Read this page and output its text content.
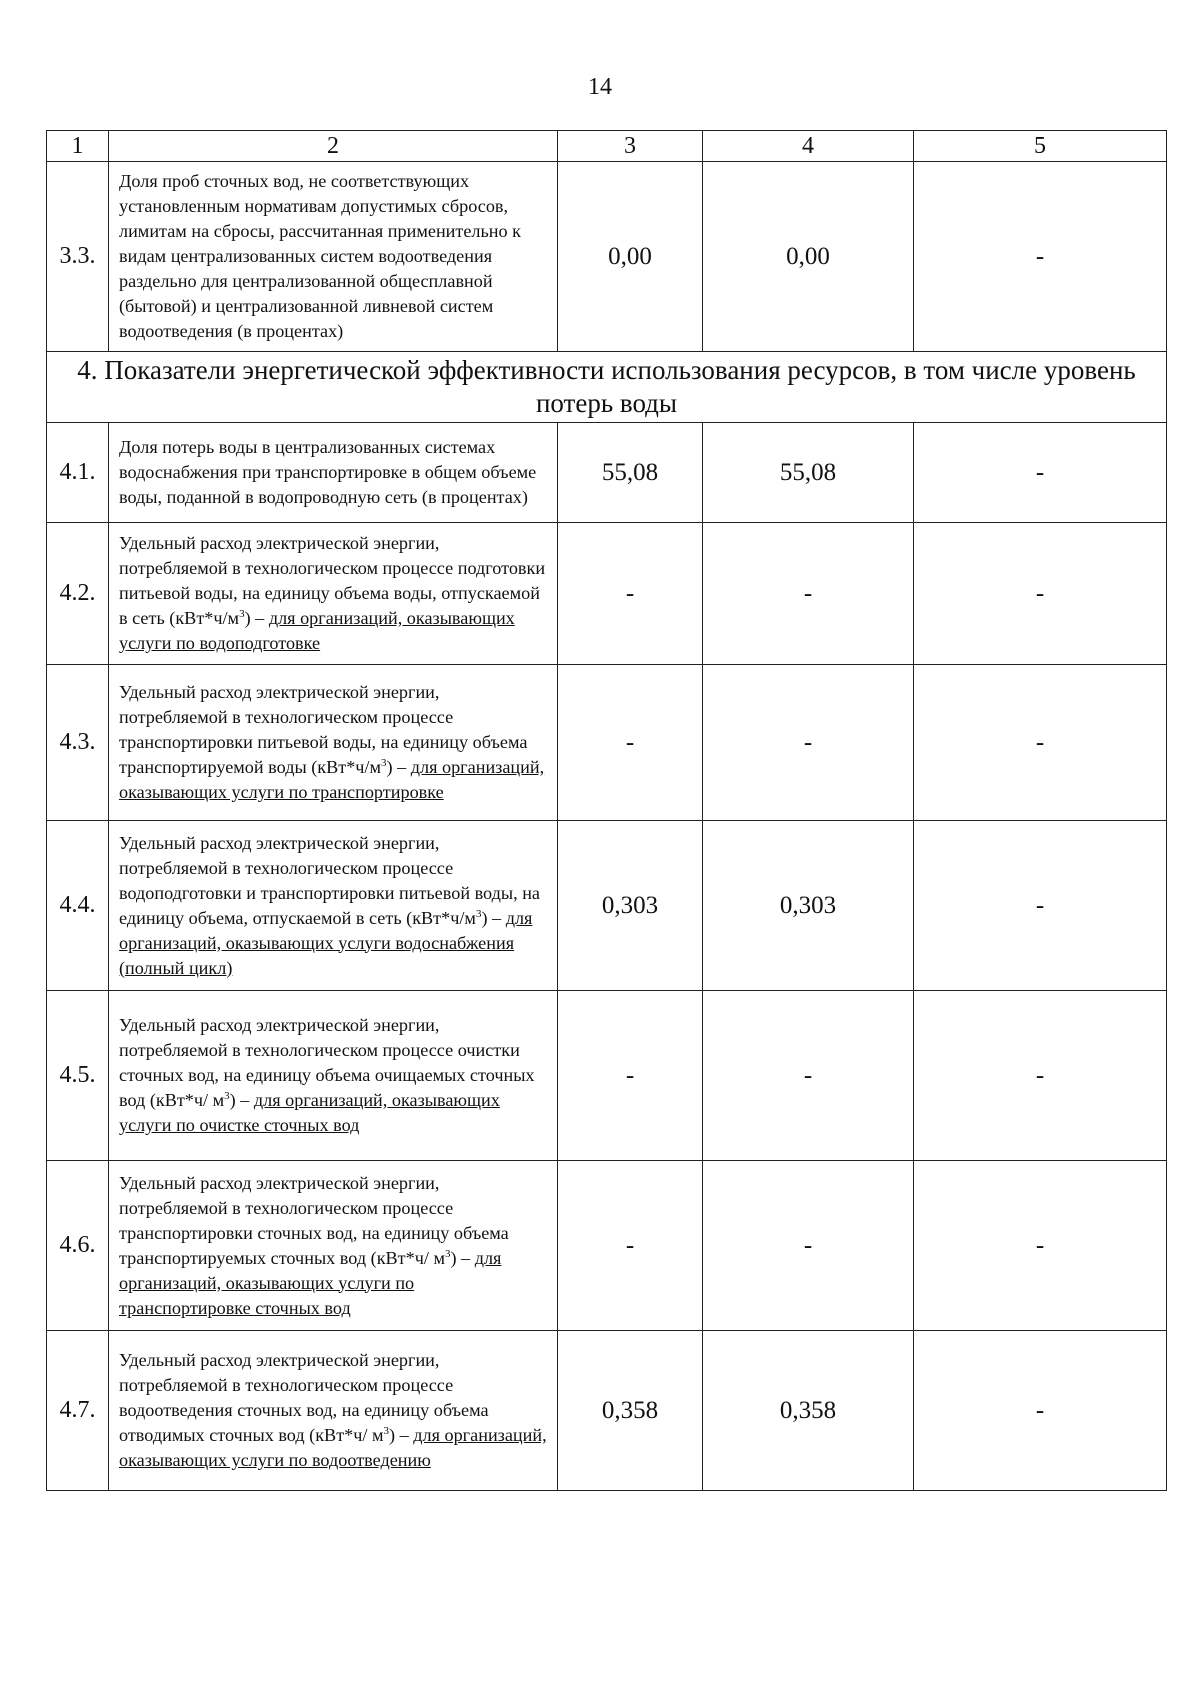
14
1	2	3	4	5
3.3.	Доля проб сточных вод, не соответствующих установленным нормативам допустимых сбросов, лимитам на сбросы, рассчитанная применительно к видам централизованных систем водоотведения раздельно для централизованной общесплавной (бытовой) и централизованной ливневой систем водоотведения (в процентах)	0,00	0,00	-
4. Показатели энергетической эффективности использования ресурсов, в том числе уровень потерь воды				
4.1.	Доля потерь воды в централизованных системах водоснабжения при транспортировке в общем объеме воды, поданной в водопроводную сеть (в процентах)	55,08	55,08	-
4.2.	Удельный расход электрической энергии, потребляемой в технологическом процессе подготовки питьевой воды, на единицу объема воды, отпускаемой в сеть $(кВт*ч/м^3)$ – для организаций, оказывающих услуги по водоподготовке	-	-	-
4.3.	Удельный расход электрической энергии, потребляемой в технологическом процессе транспортировки питьевой воды, на единицу объема транспортируемой воды $(кВт*ч/м^3)$ – для организаций, оказывающих услуги по транспортировке	-	-	-
4.4.	Удельный расход электрической энергии, потребляемой в технологическом процессе водоподготовки и транспортировки питьевой воды, на единицу объема, отпускаемой в сеть $(кВт*ч/м^3)$ – для организаций, оказывающих услуги водоснабжения (полный цикл)	0,303	0,303	-
4.5.	Удельный расход электрической энергии, потребляемой в технологическом процессе очистки сточных вод, на единицу объема очищаемых сточных вод (кВт*ч/ $м^3$) – для организаций, оказывающих услуги по очистке сточных вод	-	-	-
4.6.	Удельный расход электрической энергии, потребляемой в технологическом процессе транспортировки сточных вод, на единицу объема транспортируемых сточных вод (кВт*ч/ $м^3$) – для организаций, оказывающих услуги по транспортировке сточных вод	-	-	-
4.7.	Удельный расход электрической энергии, потребляемой в технологическом процессе водоотведения сточных вод, на единицу объема отводимых сточных вод (кВт*ч/ $м^3$) – для организаций, оказывающих услуги по водоотведению	0,358	0,358	-
